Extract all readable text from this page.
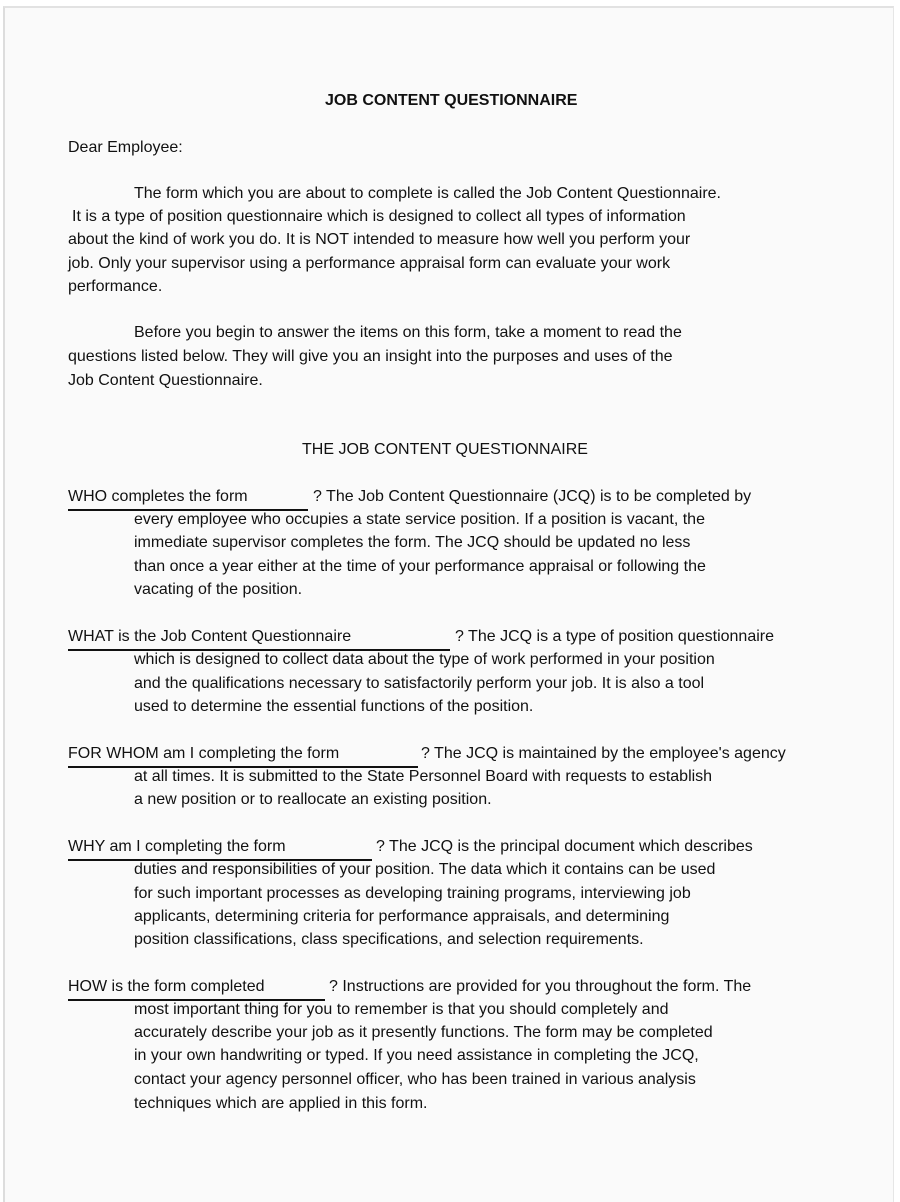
JOB CONTENT QUESTIONNAIRE
Dear Employee:
The form which you are about to complete is called the Job Content Questionnaire.
It is a type of position questionnaire which is designed to collect all types of information
about the kind of work you do. It is NOT intended to measure how well you perform your
job. Only your supervisor using a performance appraisal form can evaluate your work
performance.
Before you begin to answer the items on this form, take a moment to read the
questions listed below. They will give you an insight into the purposes and uses of the
Job Content Questionnaire.
THE JOB CONTENT QUESTIONNAIRE
WHO completes the form	? The Job Content Questionnaire (JCQ) is to be completed by
every employee who occupies a state service position. If a position is vacant, the
immediate supervisor completes the form. The JCQ should be updated no less
than once a year either at the time of your performance appraisal or following the
vacating of the position.
WHAT is the Job Content Questionnaire	? The JCQ is a type of position questionnaire
which is designed to collect data about the type of work performed in your position
and the qualifications necessary to satisfactorily perform your job. It is also a tool
used to determine the essential functions of the position.
FOR WHOM am I completing the form	? The JCQ is maintained by the employee's agency
at all times. It is submitted to the State Personnel Board with requests to establish
a new position or to reallocate an existing position.
WHY am I completing the form	? The JCQ is the principal document which describes
duties and responsibilities of your position. The data which it contains can be used
for such important processes as developing training programs, interviewing job
applicants, determining criteria for performance appraisals, and determining
position classifications, class specifications, and selection requirements.
HOW is the form completed	? Instructions are provided for you throughout the form. The
most important thing for you to remember is that you should completely and
accurately describe your job as it presently functions. The form may be completed
in your own handwriting or typed. If you need assistance in completing the JCQ,
contact your agency personnel officer, who has been trained in various analysis
techniques which are applied in this form.
